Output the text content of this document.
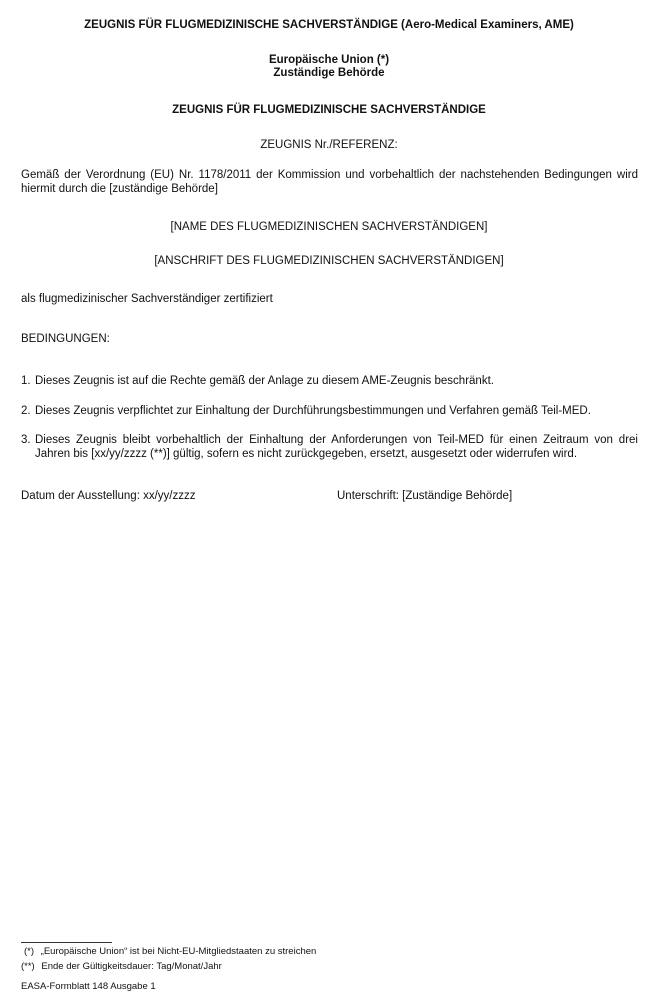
ZEUGNIS FÜR FLUGMEDIZINISCHE SACHVERSTÄNDIGE (Aero-Medical Examiners, AME)
Europäische Union (*)
Zuständige Behörde
ZEUGNIS FÜR FLUGMEDIZINISCHE SACHVERSTÄNDIGE
ZEUGNIS Nr./REFERENZ:
Gemäß der Verordnung (EU) Nr. 1178/2011 der Kommission und vorbehaltlich der nachstehenden Bedingungen wird hiermit durch die [zuständige Behörde]
[NAME DES FLUGMEDIZINISCHEN SACHVERSTÄNDIGEN]
[ANSCHRIFT DES FLUGMEDIZINISCHEN SACHVERSTÄNDIGEN]
als flugmedizinischer Sachverständiger zertifiziert
BEDINGUNGEN:
1. Dieses Zeugnis ist auf die Rechte gemäß der Anlage zu diesem AME-Zeugnis beschränkt.
2. Dieses Zeugnis verpflichtet zur Einhaltung der Durchführungsbestimmungen und Verfahren gemäß Teil-MED.
3. Dieses Zeugnis bleibt vorbehaltlich der Einhaltung der Anforderungen von Teil-MED für einen Zeitraum von drei Jahren bis [xx/yy/zzzz (**)] gültig, sofern es nicht zurückgegeben, ersetzt, ausgesetzt oder widerrufen wird.
Datum der Ausstellung: xx/yy/zzzz	Unterschrift: [Zuständige Behörde]
(*) „Europäische Union“ ist bei Nicht-EU-Mitgliedstaaten zu streichen
(**) Ende der Gültigkeitsdauer: Tag/Monat/Jahr
EASA-Formblatt 148 Ausgabe 1
